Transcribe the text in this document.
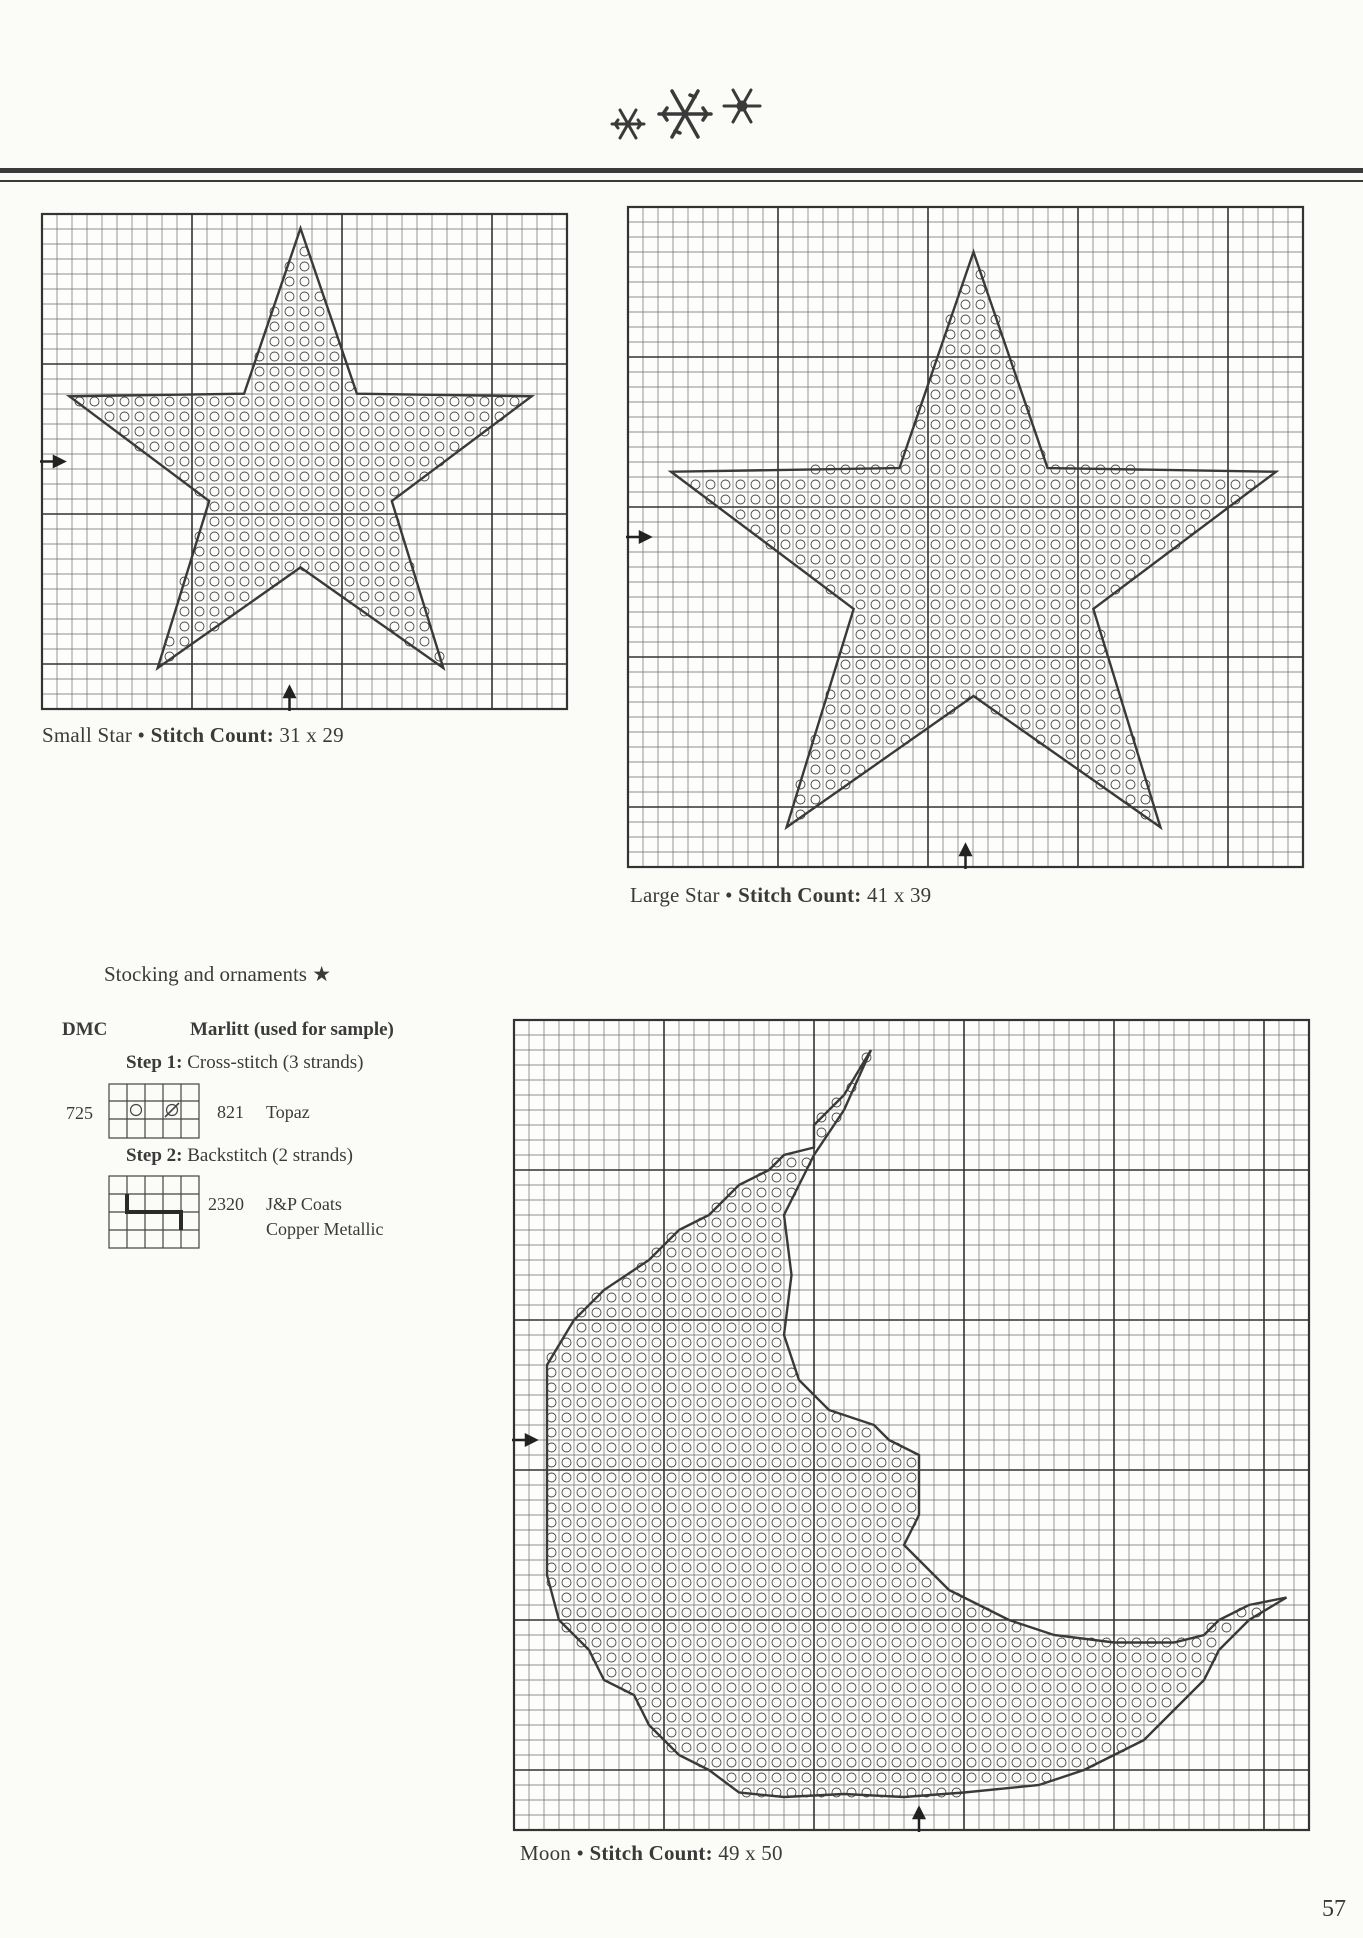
Small Star • Stitch Count: 31 x 29
Large Star • Stitch Count: 41 x 39
Stocking and ornaments ★
DMC	Marlitt (used for sample)
Step 1: Cross-stitch (3 strands)
725	821 Topaz
Step 2: Backstitch (2 strands)
2320 J&P Coats
Copper Metallic
Moon • Stitch Count: 49 x 50
57
